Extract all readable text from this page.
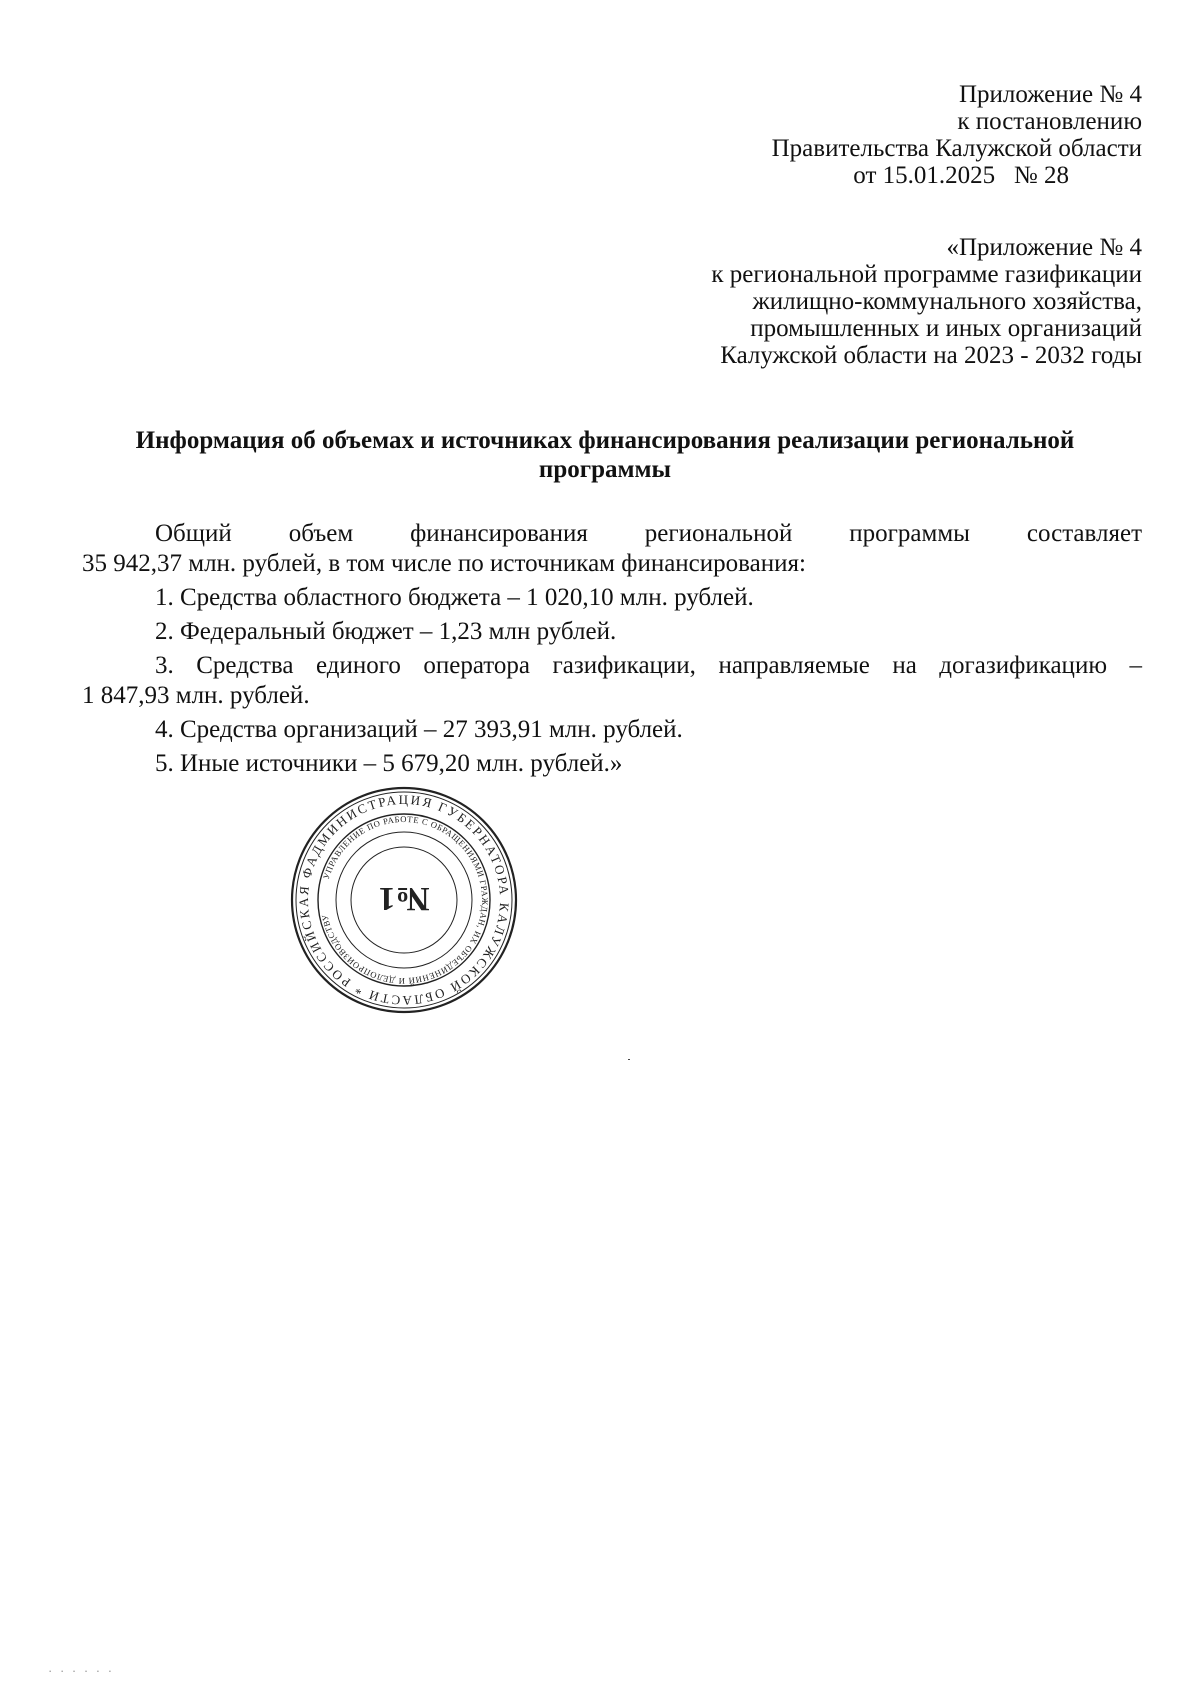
Приложение № 4
к постановлению
Правительства Калужской области
от 15.01.2025 № 28
«Приложение № 4
к региональной программе газификации
жилищно-коммунального хозяйства,
промышленных и иных организаций
Калужской области на 2023 - 2032 годы
Информация об объемах и источниках финансирования реализации региональной
программы
Общий объем финансирования региональной программы составляет
35 942,37 млн. рублей, в том числе по источникам финансирования:
1. Средства областного бюджета – 1 020,10 млн. рублей.
2. Федеральный бюджет – 1,23 млн рублей.
3. Средства единого оператора газификации, направляемые на догазификацию –
1 847,93 млн. рублей.
4. Средства организаций – 27 393,91 млн. рублей.
5. Иные источники – 5 679,20 млн. рублей.»
АДМИНИСТРАЦИЯ ГУБЕРНАТОРА КАЛУЖСКОЙ ОБЛАСТИ * РОССИЙСКАЯ ФЕДЕРАЦИЯ
УПРАВЛЕНИЕ ПО РАБОТЕ С ОБРАЩЕНИЯМИ ГРАЖДАН, ИХ ОБЪЕДИНЕНИЙ И ДЕЛОПРОИЗВОДСТВУ
№1
· · · · · ·
